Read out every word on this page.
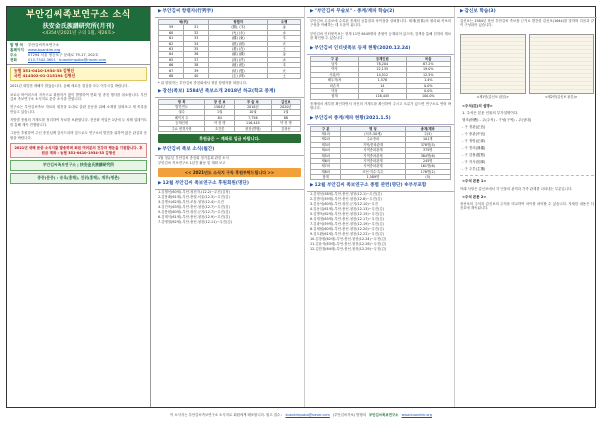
부안김씨족보연구소 소식
扶安金氏族譜研究所(月刊)
<4354년2021년 구의 1월, 제26호>
발 행 처	부안김씨족보연구소
홈페이지	www.buankim.org
주소	07294 서울 영등포구 문래로 79-17, 202호
전화	010-7542-3601 · buankimpobo@naver.com
농협 351-0410-1934-33 김형선
국민 414302-01-215194 김형선
2021년 희망찬 새해가 밝았습니다. 올해 새로운 결심을 모두 이루시길 바랍니다.
코로나 바이러스의 지속으로 화합자가 많이 발생하여 면회 및 종친 행사를 취소합니다. 부안김씨 족보연구소 소식지로 문중 소식을 전합니다.
연구소는 부안김씨족보 자료의 원전을 토대로 출판 운동을 위해 소재를 살펴보고 새 목록을 만들고 있습니다.
지방별 종원의 가계도를 정리하여 자료를 보완합니다. 전산화 작업은 1년에 두 차례 업데이트를 통해 계속 진행합니다.
그동안 후원하여 주신 종친님께 감사드리며 앞으로도 연구소의 발전을 위하여 많은 관심과 응원을 바랍니다.
2021년 새해 문중 소식지를 발송하며 회원 여러분의 건강과 행운을 기원합니다. 후원금 계좌 : 농협 351-0410-1934-33 김형선
부안김씨족보연구소 | 扶安金氏族譜研究所
종중(문중) : 송옥(흥해), 진위(흥해), 계무(평촌)
▶부안김씨 항렬자(行列字)
세(代)		항렬자	오행
59	31	(錫), (木)	金
60	32	(允) (永)	水
61	33	(鍾) (東)	木
62	34	(熙) (炳)	火
63	35	(基) (在)	土
64	36	(鎬) (鍊)	金
65	37	(洙) (淳)	水
66	38	(植) (根)	木
67	39	(炫) (燮)	火
68	40	(圭) (坤)	土
* 위 항렬자는 부안김씨 종친회에서 정한 항렬자를 따릅니다.
▶장선(족보) 1584년 족보소개 2018년 하교(학교 중계)
항 목	장 선 보	무 술 보	갑신보
발간연도	1584년	2018년	2020년
권수	1권	10권	1권
페이지 수	84	7,756	88
등재인원	약 천 명	116,445	약 천 명
주요 변경사항	초간본	편찬(발행)	김형선
후원금은 ~ 계좌로 입금 바랍니다.
▶부안김씨 족보 소식(월간)
1월 정유년 부안김씨 종친회 정기총회 관련 소식
부안김씨 족보연구소 1년간 활동 및 계획 보고
<< 2021년도 소식지 구독 후원부탁드립니다 >>
▶12월 부안김씨 족보연구소 후원회원(명단)
1.김행선(60세)-부안.청천자.(12.2)~무진(김정)
2.김봉래(61세)-부안.충렬.서울(12.3)~무진(김)
3.김병소(62세)-부안.조돌.청천(12.4)~무진
4.김진욱(63세)-부안.충선.청천(12.7)~무진(김)
5.김봉원(60세)-부안.청천.군자(12.7)~무진(김)
6.김재식(61세)-부안.충선.청천(12.9)~무진(김)
7.김맹열(62세)-부안.충선.청천(12.11)~무진(김)
▶"부안김씨 무술보" - 종계/계파 학습(2)
부안김씨 무술보에 수록된 종계의 공통점과 차이점을 살펴봅니다. 세계(世系)의 원리와 족보의 구성을 이해하는 데 도움이 됩니다.
부안김씨 인터넷족보는 현재 11만 6445명의 종원이 등재되어 있으며, 검색을 통해 친척의 계보를 확인할 수 있습니다.
▶부안김씨 인터넷족보 등재 현황(2020.12.24)
구 분	등재인원	비율
남자	78,204	67.2%
여자	22,135	19.0%
사위/자	14,512	12.5%
배우자/처	1,578	1.4%
외손자	14	0.0%
미상	0	0.0%
합계	116,445	100.0%
종계에서 세부를 확인하면서 자신의 가계도를 확인하여 주시고 오류가 있으면 연구소로 연락 바랍니다.
▶부안김씨 종계/계파 현황(2021.1.5)
구 분	명 칭	종계/계파
제1파	(서조-50세)	주(5)
제2파	주요종파	101개
제3파	지역/종파관계	378명(5)
제4파	지역종파관계	375명
제5파	지역종파관계	384명(6)
제6파	지역종파관계	245명
제7파	지역종파관계	161명(6)
제8파	조선·지수·특수	176명(2)
합계	1,589명	(5)
▶12월 부안김씨 족보연구소 종별 관련(명단) ※부부포함
1.김영선(58세)-부안.충선.청천(12.1)~무진(김)
2.김범식(59세)-부안.충선.청천(12.8)~무진(김)
3.김상석(60세)-부안.청천.군자(12.10)~무진
4.김동일(61세)-부안.충선.청천(12.13)~무진(김)
5.김병욱(62세)-부안.충선.청천(12.15)~무진(김)
6.김재정(63세)-부안.충선.청천(12.17)~무진(김)
7.김광석(59세)-부안.충선.청천(12.19)~무진(김)
8.김세원(60세)-부안.충선.청천(12.20)~무진(김)
9.김도환(61세)-부안.충선.청천(12.22)~무진(김)
10.김창원(62세)-부안.충선.청천(12.24)~무진(김)
11.김윤석(63세)-부안.충선.청천(12.26)~무진(김)
12.김한철(64세)-부안.충선.청천(12.29)~무진(김)
▶갑신보 학습(3)
갑신보는 1584년 장선 부안김씨 족보를 근거로 발간한 갑신보(1644)를 말하며 다음과 같이 구성되어 있습니다.
<제1면(갑신보 판본)>	<제2면(갑신보 판본)>
<주석(註)의 설명>
1. 주석은 본문 인물의 부가설명이다.
형조(刑曹) - 주(주석) - 구성(구역) - 주(상대)
- 구 정관(正官)
- 구 중관(中官)
- 구 정랑(正郞)
- 구 전의(典儀)
- 구 감찰(監察)
- 구 지사(知事)
- 구 주부(主簿)
<주석 본문 1>
아래 사항은 갑신보에서 각 인물의 관직과 가족 관계를 나타내는 부분입니다.
<주석 본문 2>
장선보의 주석과 갑신보의 주석을 비교하여 차이를 파악할 수 있습니다. 자세한 내용은 다음호에 계속됩니다.
이 소식지는 부안김씨족보연구소 소식지로 회원에게 배포합니다. 원고 접수 : buankimpobo@naver.com (부안김씨족보) 발행처 부안김씨족보연구소 www.buankim.org
